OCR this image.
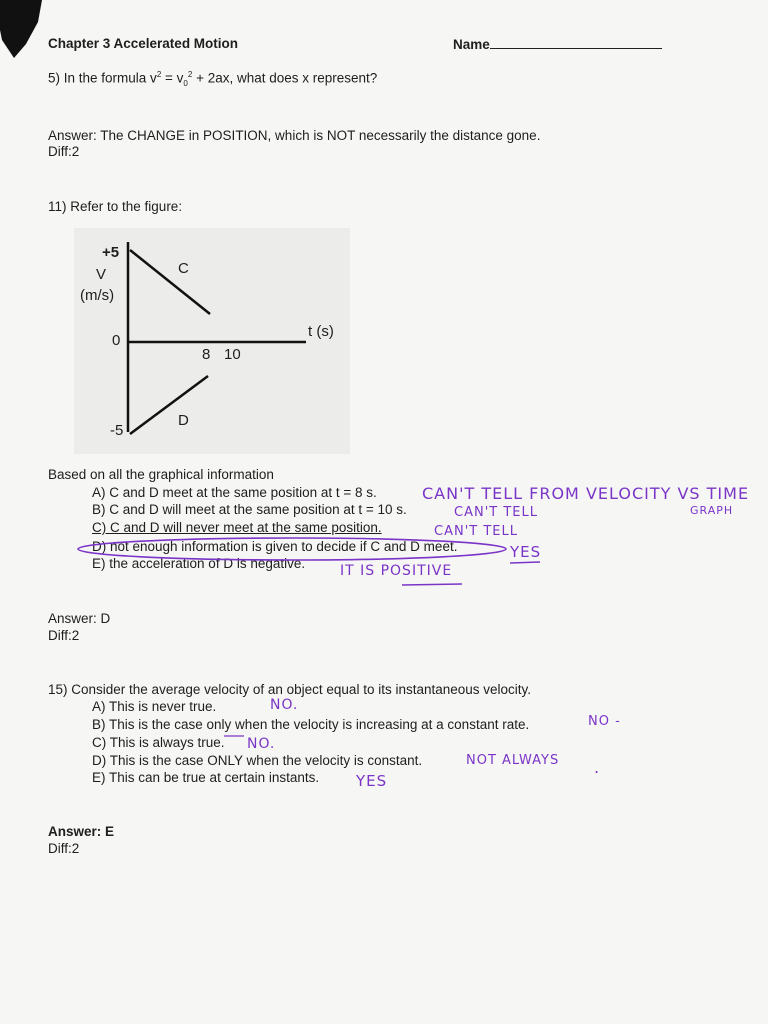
Chapter 3 Accelerated Motion	Name
5) In the formula $v^2 = v_0^2 + 2ax$, what does x represent?
Answer: The CHANGE in POSITION, which is NOT necessarily the distance gone.
Diff:2
11) Refer to the figure:
+5
V
(m/s)
0
-5
t (s)
8 10
C
D
Based on all the graphical information
A) C and D meet at the same position at t = 8 s.
B) C and D will meet at the same position at t = 10 s.
C) C and D will never meet at the same position.
D) not enough information is given to decide if C and D meet.
E) the acceleration of D is negative.
CAN'T TELL FROM VELOCITY VS TIME
GRAPH
CAN'T TELL
CAN'T TELL
YES
IT IS POSITIVE
Answer: D
Diff:2
15) Consider the average velocity of an object equal to its instantaneous velocity.
A) This is never true.
B) This is the case only when the velocity is increasing at a constant rate.
C) This is always true.
D) This is the case ONLY when the velocity is constant.
E) This can be true at certain instants.
NO.
NO -
NO.
NOT ALWAYS .
YES
Answer: E
Diff:2
